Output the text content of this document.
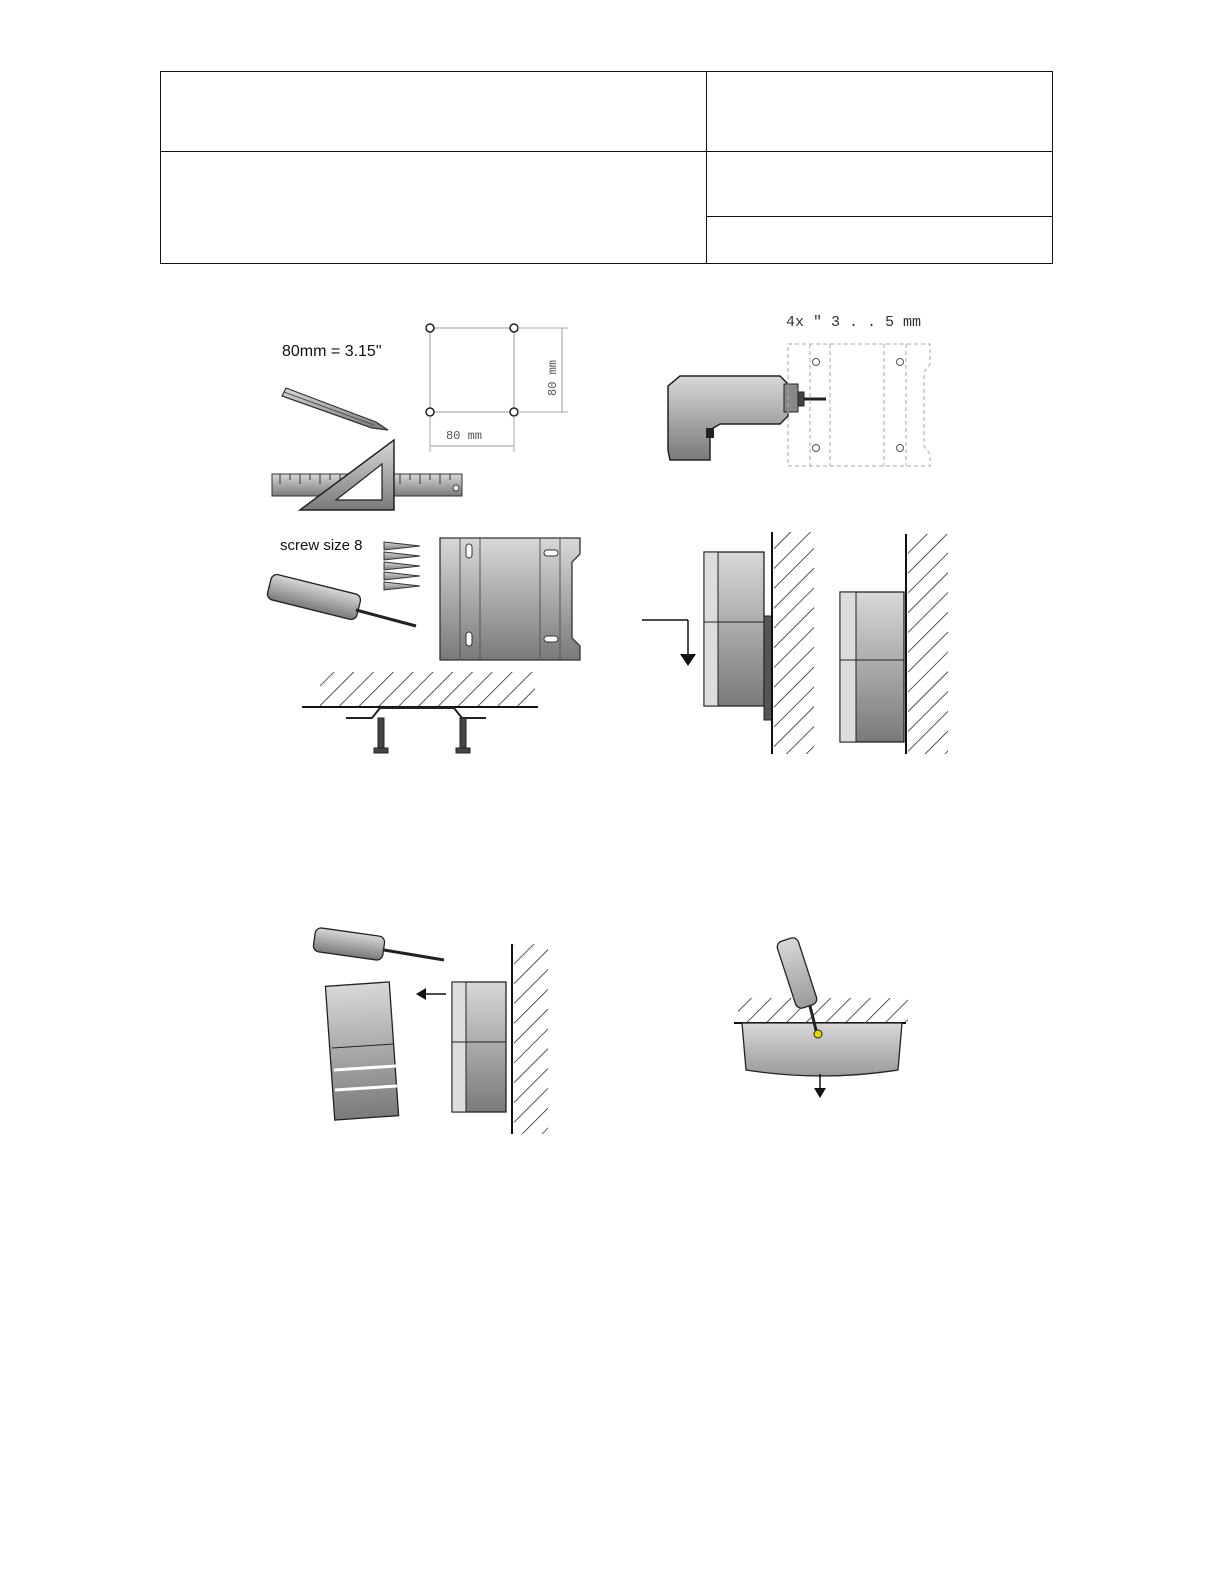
80mm = 3.15"
80 mm
80 mm
4x " 3 . . 5 mm
screw size 8
